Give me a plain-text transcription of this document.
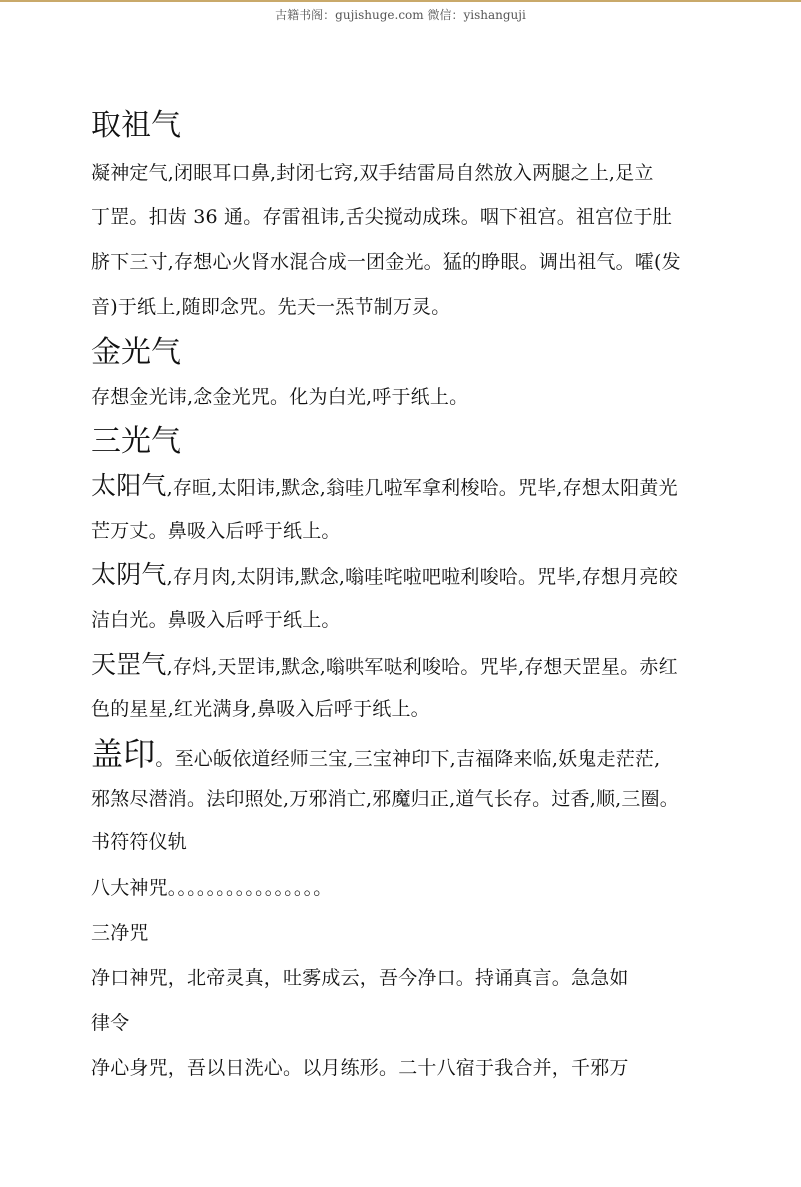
古籍书阁：gujishuge.com 微信：yishanguji
取祖气
凝神定气,闭眼耳口鼻,封闭七窍,双手结雷局自然放入两腿之上,足立
丁罡。扣齿 36 通。存雷祖讳,舌尖搅动成珠。咽下祖宫。祖宫位于肚
脐下三寸,存想心火肾水混合成一团金光。猛的睁眼。调出祖气。嚯(发
音)于纸上,随即念咒。先天一炁节制万灵。
金光气
存想金光讳,念金光咒。化为白光,呼于纸上。
三光气
太阳气,存晅,太阳讳,默念,翁哇几啦军拿利梭哈。咒毕,存想太阳黄光
芒万丈。鼻吸入后呼于纸上。
太阴气,存月肉,太阴讳,默念,嗡哇咤啦吧啦利唆哈。咒毕,存想月亮皎
洁白光。鼻吸入后呼于纸上。
天罡气,存炓,天罡讳,默念,嗡哄军哒利唆哈。咒毕,存想天罡星。赤红
色的星星,红光满身,鼻吸入后呼于纸上。
盖印。至心皈依道经师三宝,三宝神印下,吉福降来临,妖鬼走茫茫,
邪煞尽潜消。法印照处,万邪消亡,邪魔归正,道气长存。过香,顺,三圈。
书符符仪轨
八大神咒。。。。。。。。。。。。。。。。
三净咒
净口神咒，北帝灵真，吐雾成云，吾今净口。持诵真言。急急如
律令
净心身咒，吾以日洗心。以月练形。二十八宿于我合并，千邪万
